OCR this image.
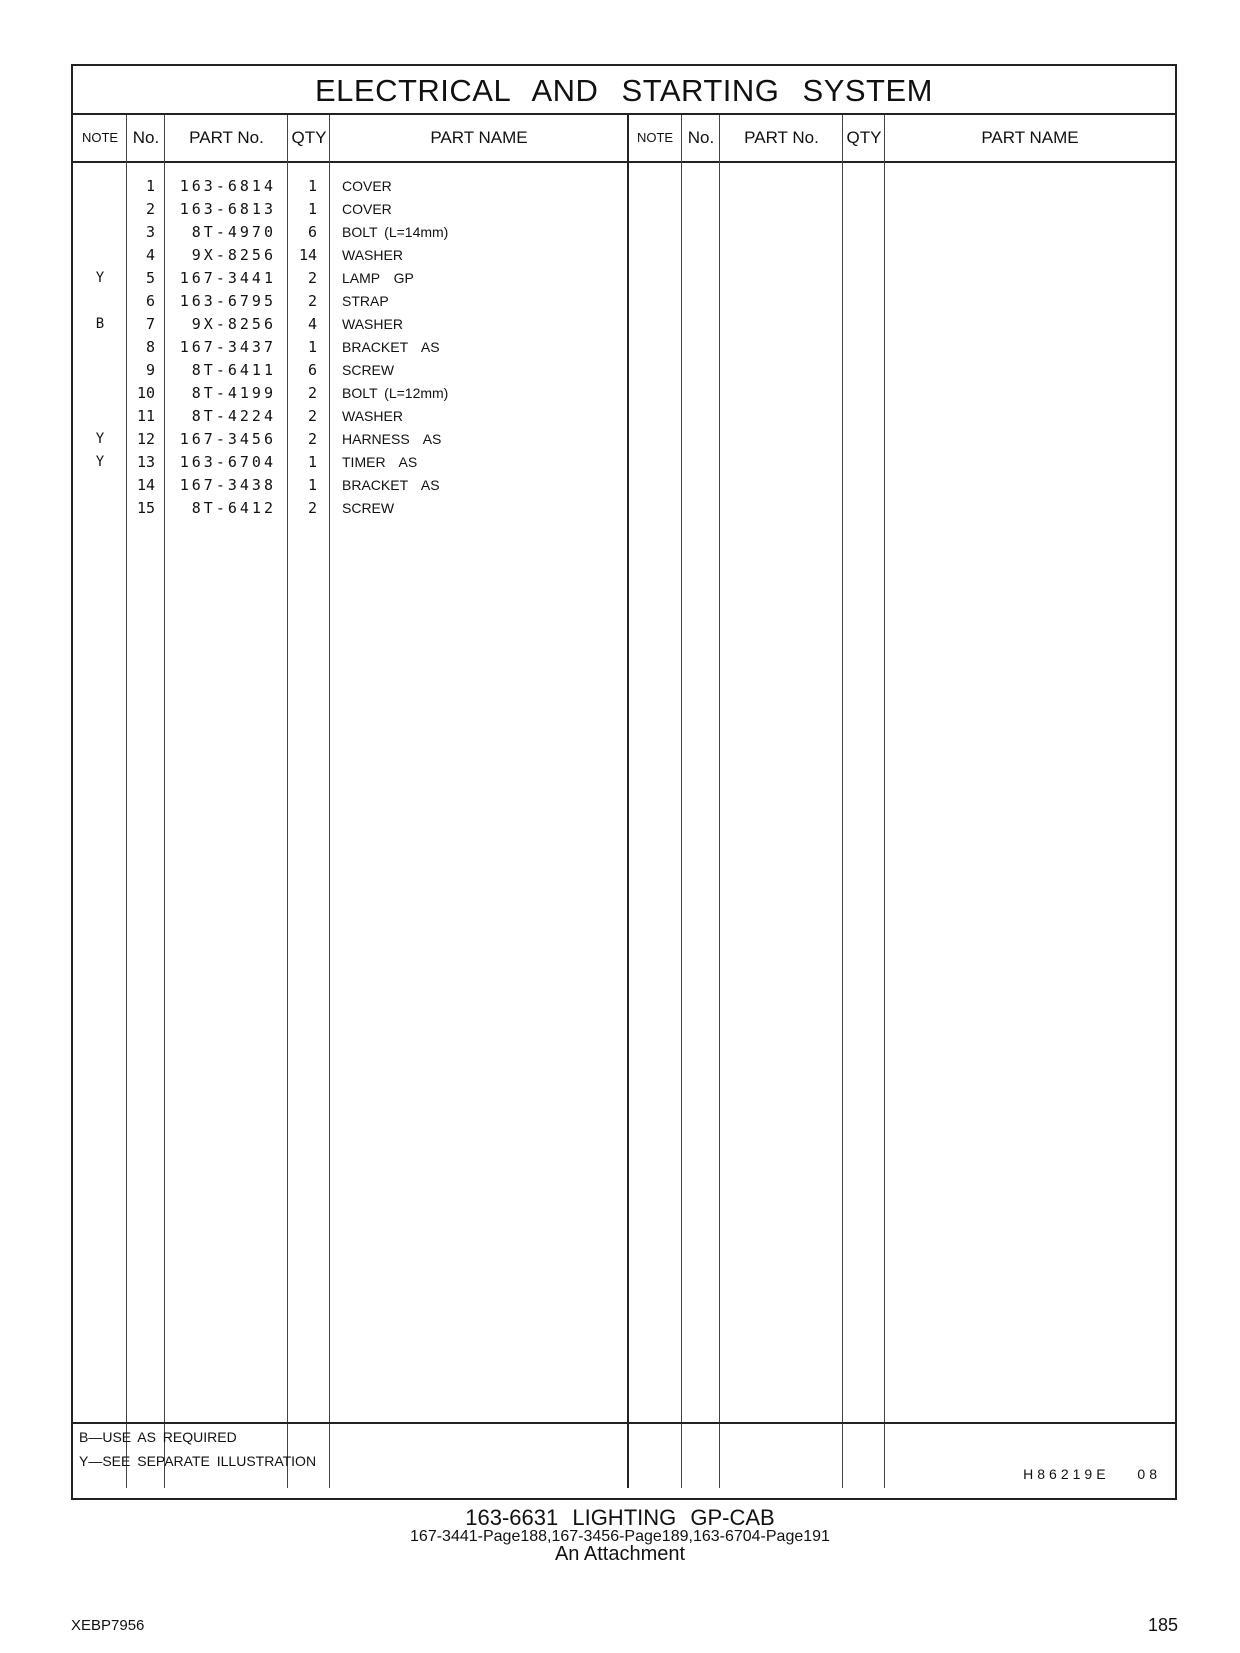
ELECTRICAL AND STARTING SYSTEM
NOTE No.	PART No.	QTY	PART NAME	NOTE No.	PART No.	QTY	PART NAME
1	163-6814	1 COVER
2	163-6813	1 COVER
3	8T-4970	6 BOLT (L=14mm)
4	9X-8256	14 WASHER
Y	5	167-3441	2 LAMP  GP
6	163-6795	2 STRAP
B	7	9X-8256	4 WASHER
8	167-3437	1 BRACKET  AS
9	8T-6411	6 SCREW
10	8T-4199	2 BOLT (L=12mm)
11	8T-4224	2 WASHER
Y	12	167-3456	2 HARNESS  AS
Y	13	163-6704	1 TIMER  AS
14	167-3438	1 BRACKET  AS
15	8T-6412	2 SCREW
B—USE AS REQUIRED
Y—SEE SEPARATE ILLUSTRATION
H86219E 08
163-6631 LIGHTING GP-CAB
167-3441-Page188,167-3456-Page189,163-6704-Page191
An Attachment
XEBP7956	185
